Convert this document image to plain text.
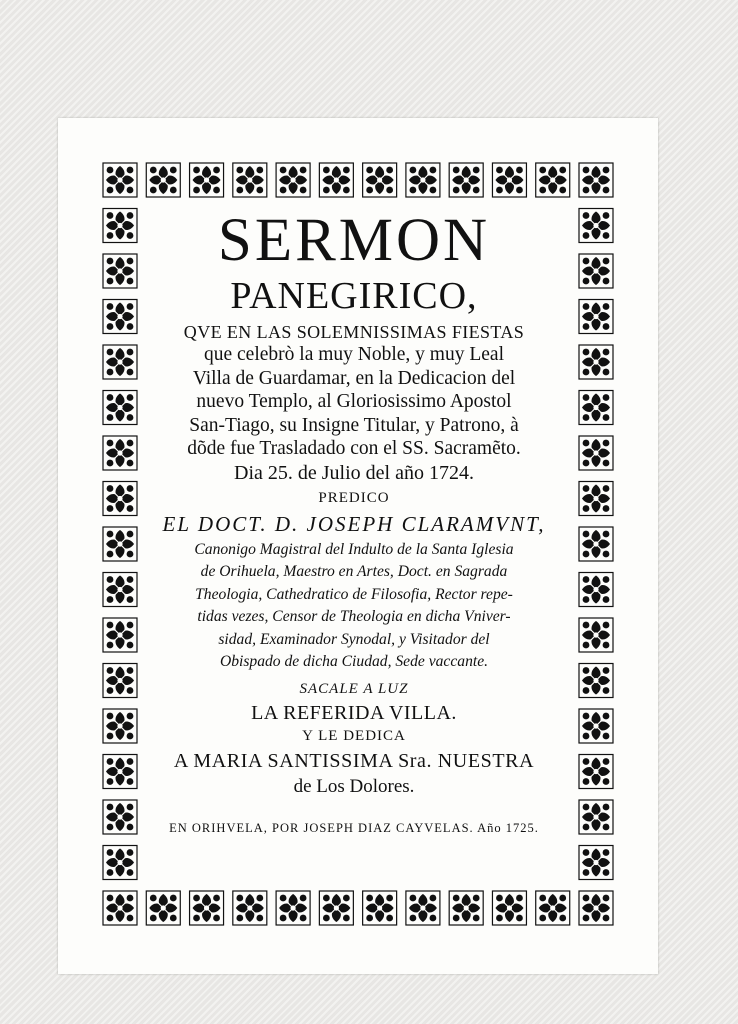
SERMON
PANEGIRICO,
QVE EN LAS SOLEMNISSIMAS FIESTAS
que celebrò la muy Noble, y muy Leal
Villa de Guardamar, en la Dedicacion del
nuevo Templo, al Gloriosissimo Apostol
San-Tiago, su Insigne Titular, y Patrono, à
dõde fue Trasladado con el SS. Sacramẽto.
Dia 25. de Julio del año 1724.
PREDICO
EL DOCT. D. JOSEPH CLARAMVNT,
Canonigo Magistral del Indulto de la Santa Iglesia
de Orihuela, Maestro en Artes, Doct. en Sagrada
Theologia, Cathedratico de Filosofia, Rector repe-
tidas vezes, Censor de Theologia en dicha Vniver-
sidad, Examinador Synodal, y Visitador del
Obispado de dicha Ciudad, Sede vaccante.
SACALE A LUZ
LA REFERIDA VILLA.
Y LE DEDICA
A MARIA SANTISSIMA Sra. NUESTRA
de Los Dolores.
EN ORIHVELA, POR JOSEPH DIAZ CAYVELAS. Año 1725.
